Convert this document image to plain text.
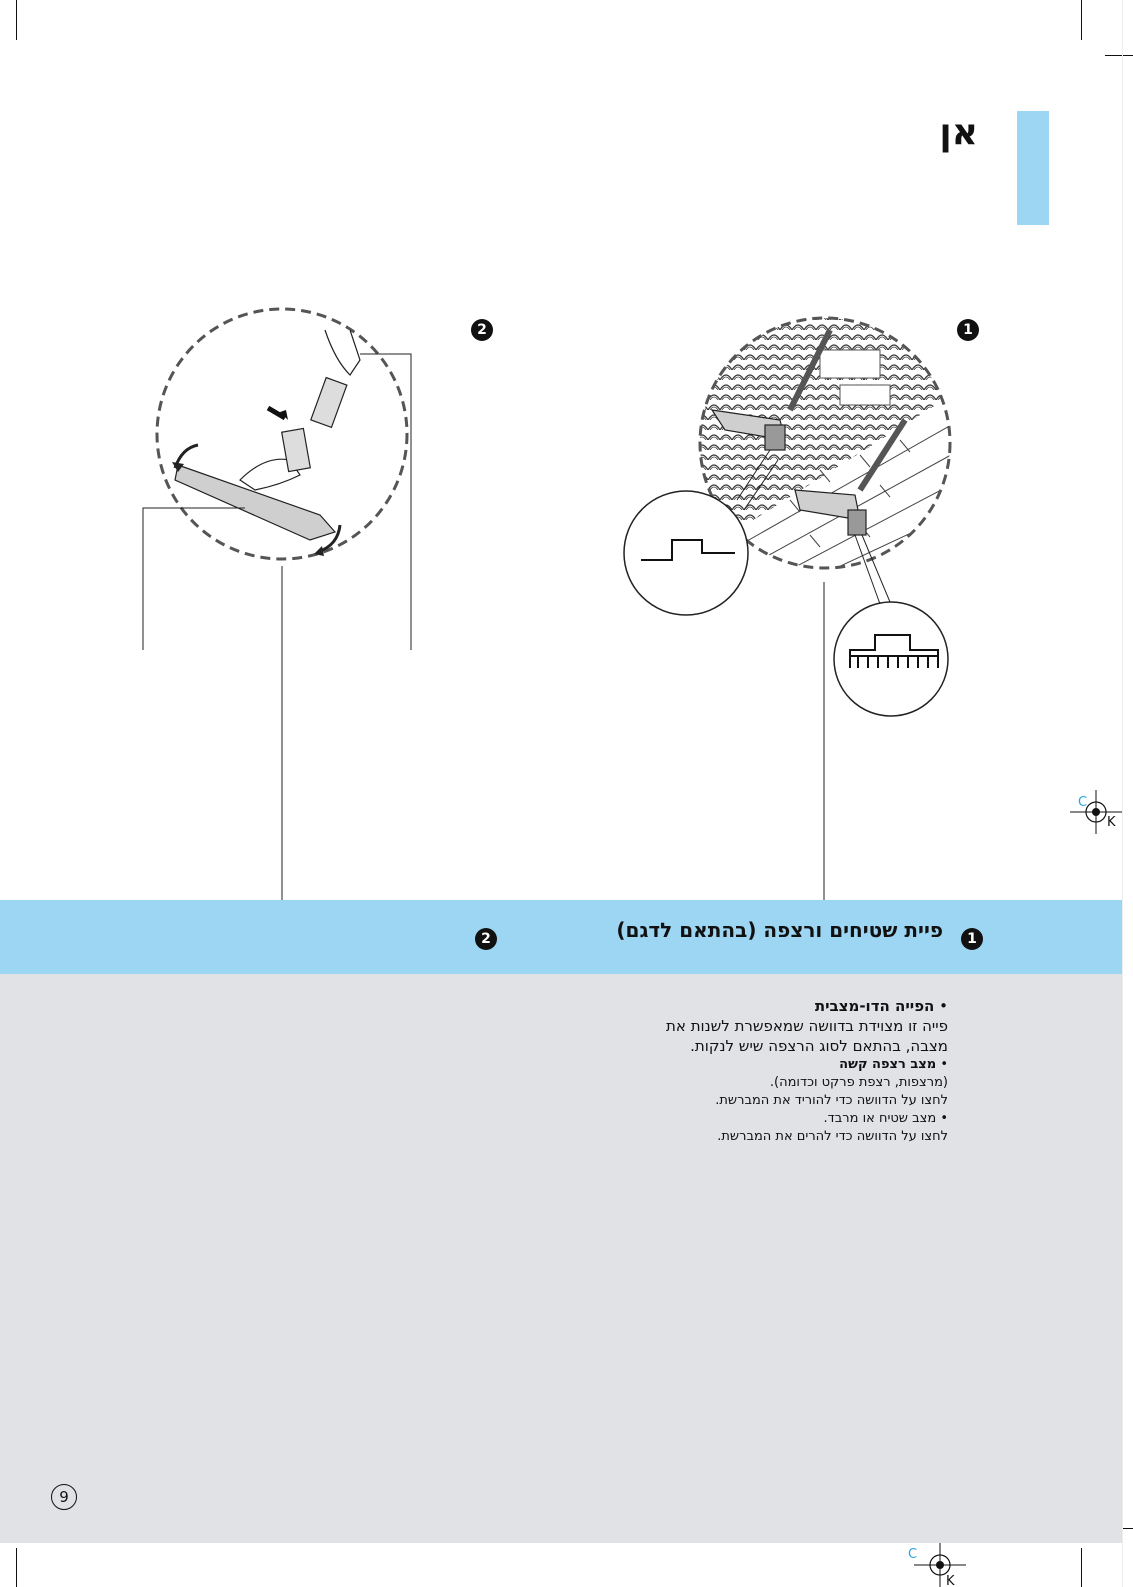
אן
1
2
C
K
פיית שטיחים ורצפה (בהתאם לדגם)	1
2
• הפייה הדו-מצבית
פייה זו מצוידת בדוושה שמאפשרת לשנות את
מצבה, בהתאם לסוג הרצפה שיש לנקות.
• מצב רצפה קשה
(מרצפות, רצפת פרקט וכדומה).
לחצו על הדוושה כדי להוריד את המברשת.
• מצב שטיח או מרבד.
לחצו על הדוושה כדי להרים את המברשת.
9
C
K
